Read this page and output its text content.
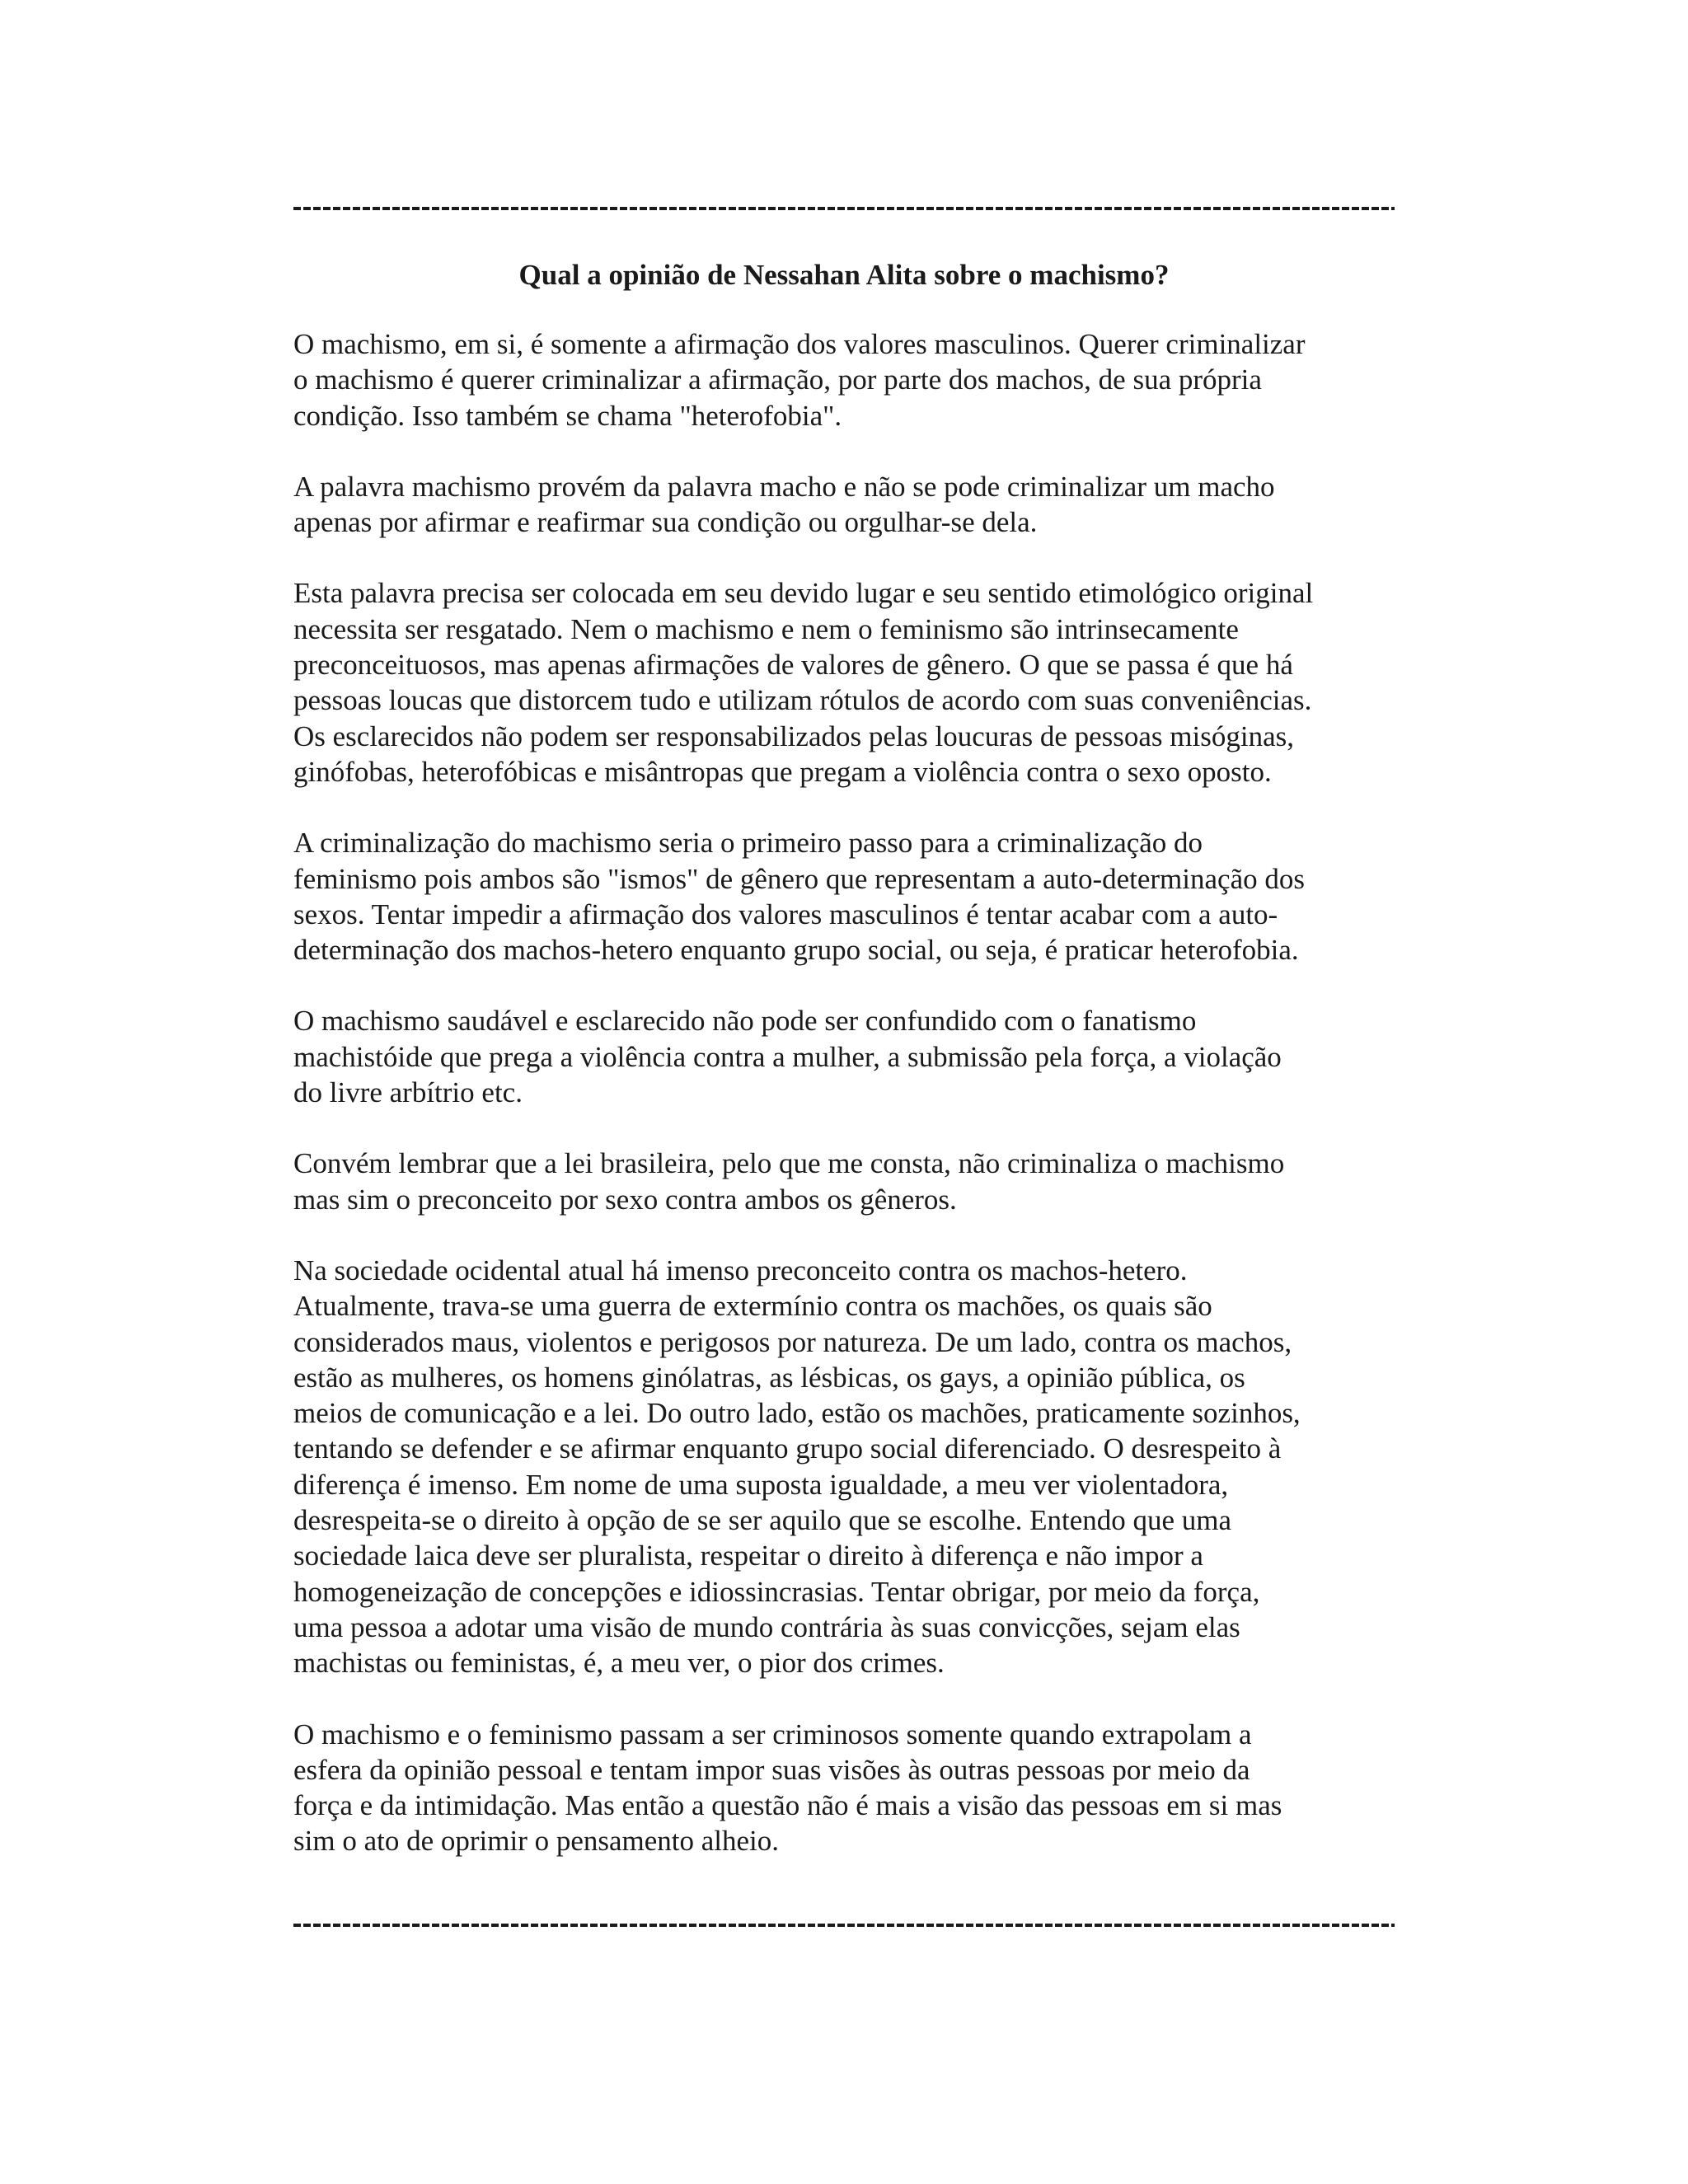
Qual a opinião de Nessahan Alita sobre o machismo?

O machismo, em si, é somente a afirmação dos valores masculinos. Querer criminalizar
o machismo é querer criminalizar a afirmação, por parte dos machos, de sua própria
condição. Isso também se chama "heterofobia".

A palavra machismo provém da palavra macho e não se pode criminalizar um macho
apenas por afirmar e reafirmar sua condição ou orgulhar-se dela.

Esta palavra precisa ser colocada em seu devido lugar e seu sentido etimológico original
necessita ser resgatado. Nem o machismo e nem o feminismo são intrinsecamente
preconceituosos, mas apenas afirmações de valores de gênero. O que se passa é que há
pessoas loucas que distorcem tudo e utilizam rótulos de acordo com suas conveniências.
Os esclarecidos não podem ser responsabilizados pelas loucuras de pessoas misóginas,
ginófobas, heterofóbicas e misântropas que pregam a violência contra o sexo oposto.

A criminalização do machismo seria o primeiro passo para a criminalização do
feminismo pois ambos são "ismos" de gênero que representam a auto-determinação dos
sexos. Tentar impedir a afirmação dos valores masculinos é tentar acabar com a auto-
determinação dos machos-hetero enquanto grupo social, ou seja, é praticar heterofobia.

O machismo saudável e esclarecido não pode ser confundido com o fanatismo
machistóide que prega a violência contra a mulher, a submissão pela força, a violação
do livre arbítrio etc.

Convém lembrar que a lei brasileira, pelo que me consta, não criminaliza o machismo
mas sim o preconceito por sexo contra ambos os gêneros.

Na sociedade ocidental atual há imenso preconceito contra os machos-hetero.
Atualmente, trava-se uma guerra de extermínio contra os machões, os quais são
considerados maus, violentos e perigosos por natureza. De um lado, contra os machos,
estão as mulheres, os homens ginólatras, as lésbicas, os gays, a opinião pública, os
meios de comunicação e a lei. Do outro lado, estão os machões, praticamente sozinhos,
tentando se defender e se afirmar enquanto grupo social diferenciado. O desrespeito à
diferença é imenso. Em nome de uma suposta igualdade, a meu ver violentadora,
desrespeita-se o direito à opção de se ser aquilo que se escolhe. Entendo que uma
sociedade laica deve ser pluralista, respeitar o direito à diferença e não impor a
homogeneização de concepções e idiossincrasias. Tentar obrigar, por meio da força,
uma pessoa a adotar uma visão de mundo contrária às suas convicções, sejam elas
machistas ou feministas, é, a meu ver, o pior dos crimes.

O machismo e o feminismo passam a ser criminosos somente quando extrapolam a
esfera da opinião pessoal e tentam impor suas visões às outras pessoas por meio da
força e da intimidação. Mas então a questão não é mais a visão das pessoas em si mas
sim o ato de oprimir o pensamento alheio.
